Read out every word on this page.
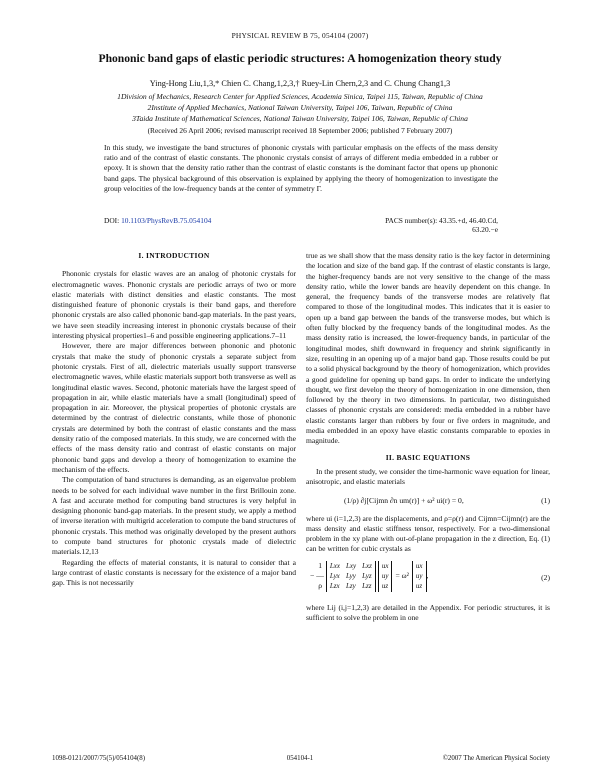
PHYSICAL REVIEW B 75, 054104 (2007)
Phononic band gaps of elastic periodic structures: A homogenization theory study
Ying-Hong Liu,1,3,* Chien C. Chang,1,2,3,† Ruey-Lin Chern,2,3 and C. Chung Chang1,3
1Division of Mechanics, Research Center for Applied Sciences, Academia Sinica, Taipei 115, Taiwan, Republic of China
2Institute of Applied Mechanics, National Taiwan University, Taipei 106, Taiwan, Republic of China
3Taida Institute of Mathematical Sciences, National Taiwan University, Taipei 106, Taiwan, Republic of China
(Received 26 April 2006; revised manuscript received 18 September 2006; published 7 February 2007)
In this study, we investigate the band structures of phononic crystals with particular emphasis on the effects of the mass density ratio and of the contrast of elastic constants. The phononic crystals consist of arrays of different media embedded in a rubber or epoxy. It is shown that the density ratio rather than the contrast of elastic constants is the dominant factor that opens up phononic band gaps. The physical background of this observation is explained by applying the theory of homogenization to investigate the group velocities of the low-frequency bands at the center of symmetry Γ.
DOI: 10.1103/PhysRevB.75.054104	PACS number(s): 43.35.+d, 46.40.Cd, 63.20.−e
I. INTRODUCTION

Phononic crystals for elastic waves are an analog of photonic crystals for electromagnetic waves. Phononic crystals are periodic arrays of two or more elastic materials with distinct densities and elastic constants. The most distinguished feature of phononic crystals is their band gaps, and therefore phononic crystals are also called phononic band-gap materials. In the past years, we have seen steadily increasing interest in phononic crystals because of their interesting physical properties1–6 and possible engineering applications.7–11

However, there are major differences between phononic and photonic crystals that make the study of phononic crystals a separate subject from photonic crystals. First of all, dielectric materials usually support transverse electromagnetic waves, while elastic materials support both transverse as well as longitudinal elastic waves. Second, photonic materials have the largest speed of propagation in air, while elastic materials have a small (longitudinal) speed of propagation in air. Moreover, the physical properties of photonic crystals are determined by the contrast of dielectric constants, while those of phononic crystals are determined by both the contrast of elastic constants and the mass density ratio of the composed materials. In this study, we are concerned with the effects of the mass density ratio and contrast of elastic constants on major phononic band gaps and develop a theory of homogenization to examine the mechanism of the effects.

The computation of band structures is demanding, as an eigenvalue problem needs to be solved for each individual wave number in the first Brillouin zone. A fast and accurate method for computing band structures is very helpful in designing phononic band-gap materials. In the present study, we apply a method of inverse iteration with multigrid acceleration to compute the band structures of phononic crystals. This method was originally developed by the present authors to compute band structures for photonic crystals made of dielectric materials.12,13

Regarding the effects of material constants, it is natural to consider that a large contrast of elastic constants is necessary for the existence of a major band gap. This is not necessarily

true as we shall show that the mass density ratio is the key factor in determining the location and size of the band gap. If the contrast of elastic constants is large, the higher-frequency bands are not very sensitive to the change of the mass density ratio, while the lower bands are heavily dependent on this change. In general, the frequency bands of the transverse modes are relatively flat compared to those of the longitudinal modes. This indicates that it is easier to open up a band gap between the bands of the transverse modes, but which is often fully blocked by the frequency bands of the longitudinal modes. As the mass density ratio is increased, the lower-frequency bands, in particular of the longitudinal modes, shift downward in frequency and shrink significantly in size, resulting in an opening up of a major band gap. Those results could be put to a solid physical background by the theory of homogenization, which provides a good guideline for opening up band gaps. In order to indicate the underlying thought, we first develop the theory of homogenization in one dimension, then followed by the theory in two dimensions. In particular, two distinguished classes of phononic crystals are considered: media embedded in a rubber have elastic constants larger than rubbers by four or five orders in magnitude, and media embedded in an epoxy have elastic constants comparable to epoxies in magnitude.

II. BASIC EQUATIONS

In the present study, we consider the time-harmonic wave equation for linear, anisotropic, and elastic materials

(1/ρ) ∂j[Cijmn ∂n um(r)] + ω² ui(r) = 0,	(1)

where ui (i=1,2,3) are the displacements, and ρ=ρ(r) and Cijmn=Cijmn(r) are the mass density and elastic stiffness tensor, respectively. For a two-dimensional problem in the xy plane with out-of-plane propagation in the z direction, Eq. (1) can be written for cubic crystals as

−
1
—
ρ
Lxx	Lxy	Lxz
Lyx	Lyy	Lyz
Lzx	Lzy	Lzz
ux
uy
uz
= ω²
ux
uy
uz
,	(2)

where Lij (i,j=1,2,3) are detailed in the Appendix. For periodic structures, it is sufficient to solve the problem in one

1098-0121/2007/75(5)/054104(8)	054104-1	©2007 The American Physical Society
